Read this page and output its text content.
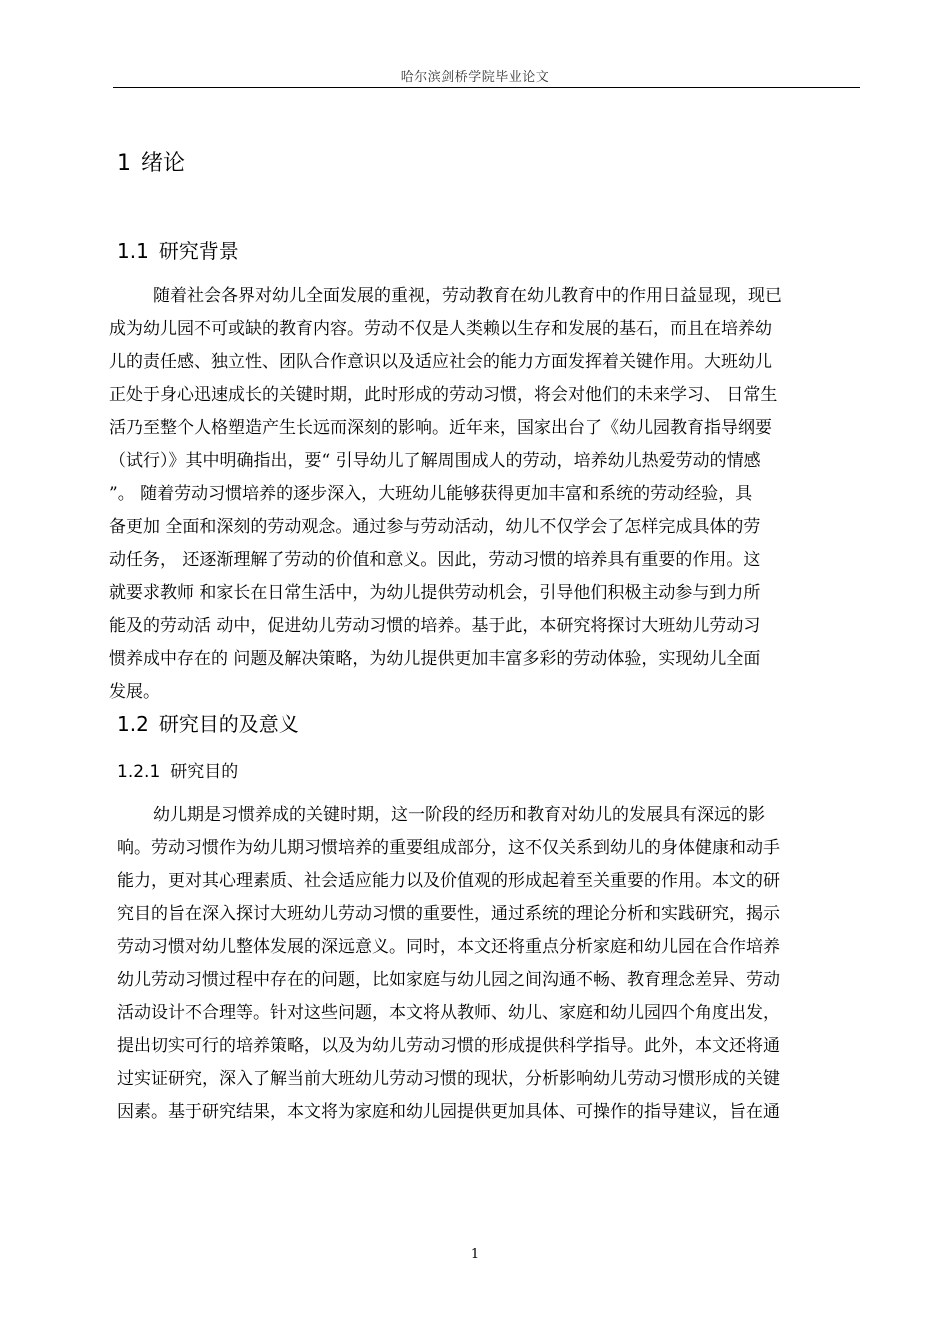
哈尔滨剑桥学院毕业论文
1 绪论
1.1 研究背景
随着社会各界对幼儿全面发展的重视，劳动教育在幼儿教育中的作用日益显现，现已
成为幼儿园不可或缺的教育内容。劳动不仅是人类赖以生存和发展的基石，而且在培养幼
儿的责任感、独立性、团队合作意识以及适应社会的能力方面发挥着关键作用。大班幼儿
正处于身心迅速成长的关键时期，此时形成的劳动习惯，将会对他们的未来学习、 日常生
活乃至整个人格塑造产生长远而深刻的影响。近年来，国家出台了《幼儿园教育指导纲要
（试行）》其中明确指出，要“ 引导幼儿了解周围成人的劳动，培养幼儿热爱劳动的情感
”。 随着劳动习惯培养的逐步深入，大班幼儿能够获得更加丰富和系统的劳动经验，具
备更加 全面和深刻的劳动观念。通过参与劳动活动，幼儿不仅学会了怎样完成具体的劳
动任务， 还逐渐理解了劳动的价值和意义。因此，劳动习惯的培养具有重要的作用。这
就要求教师 和家长在日常生活中，为幼儿提供劳动机会，引导他们积极主动参与到力所
能及的劳动活 动中，促进幼儿劳动习惯的培养。基于此，本研究将探讨大班幼儿劳动习
惯养成中存在的 问题及解决策略，为幼儿提供更加丰富多彩的劳动体验，实现幼儿全面
发展。
1.2 研究目的及意义
1.2.1 研究目的
幼儿期是习惯养成的关键时期，这一阶段的经历和教育对幼儿的发展具有深远的影
响。劳动习惯作为幼儿期习惯培养的重要组成部分，这不仅关系到幼儿的身体健康和动手
能力，更对其心理素质、社会适应能力以及价值观的形成起着至关重要的作用。本文的研
究目的旨在深入探讨大班幼儿劳动习惯的重要性，通过系统的理论分析和实践研究，揭示
劳动习惯对幼儿整体发展的深远意义。同时，本文还将重点分析家庭和幼儿园在合作培养
幼儿劳动习惯过程中存在的问题，比如家庭与幼儿园之间沟通不畅、教育理念差异、劳动
活动设计不合理等。针对这些问题，本文将从教师、幼儿、家庭和幼儿园四个角度出发，
提出切实可行的培养策略，以及为幼儿劳动习惯的形成提供科学指导。此外，本文还将通
过实证研究，深入了解当前大班幼儿劳动习惯的现状，分析影响幼儿劳动习惯形成的关键
因素。基于研究结果，本文将为家庭和幼儿园提供更加具体、可操作的指导建议，旨在通
1
